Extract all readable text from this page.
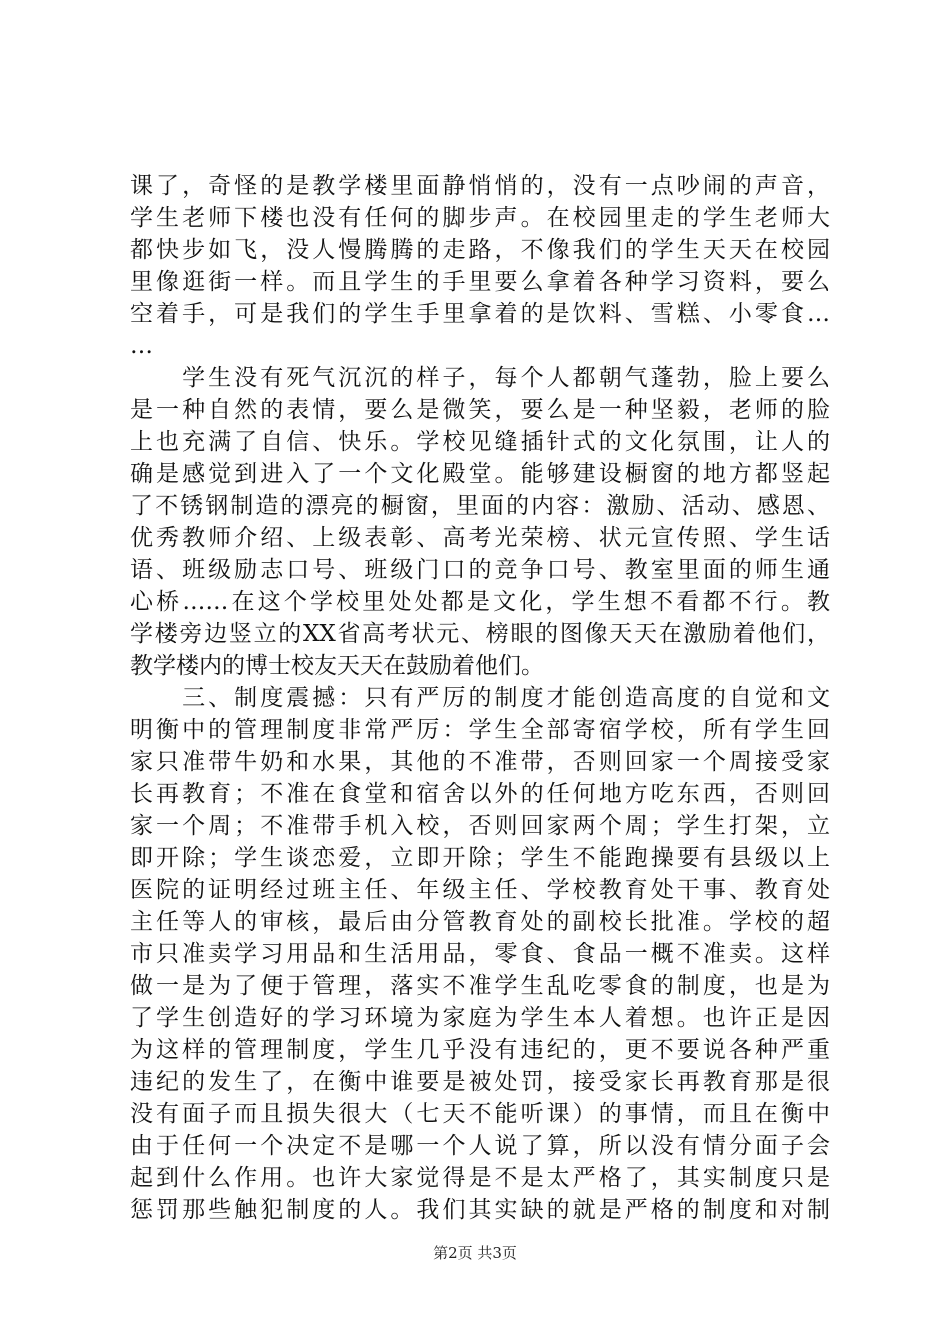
课了，奇怪的是教学楼里面静悄悄的，没有一点吵闹的声音，
学生老师下楼也没有任何的脚步声。在校园里走的学生老师大
都快步如飞，没人慢腾腾的走路，不像我们的学生天天在校园
里像逛街一样。而且学生的手里要么拿着各种学习资料，要么
空着手，可是我们的学生手里拿着的是饮料、雪糕、小零食…
…
　　学生没有死气沉沉的样子，每个人都朝气蓬勃，脸上要么
是一种自然的表情，要么是微笑，要么是一种坚毅，老师的脸
上也充满了自信、快乐。学校见缝插针式的文化氛围，让人的
确是感觉到进入了一个文化殿堂。能够建设橱窗的地方都竖起
了不锈钢制造的漂亮的橱窗，里面的内容：激励、活动、感恩、
优秀教师介绍、上级表彰、高考光荣榜、状元宣传照、学生话
语、班级励志口号、班级门口的竞争口号、教室里面的师生通
心桥……在这个学校里处处都是文化，学生想不看都不行。教
学楼旁边竖立的XX省高考状元、榜眼的图像天天在激励着他们，
教学楼内的博士校友天天在鼓励着他们。
　　三、制度震撼：只有严厉的制度才能创造高度的自觉和文
明衡中的管理制度非常严厉：学生全部寄宿学校，所有学生回
家只准带牛奶和水果，其他的不准带，否则回家一个周接受家
长再教育；不准在食堂和宿舍以外的任何地方吃东西，否则回
家一个周；不准带手机入校，否则回家两个周；学生打架，立
即开除；学生谈恋爱，立即开除；学生不能跑操要有县级以上
医院的证明经过班主任、年级主任、学校教育处干事、教育处
主任等人的审核，最后由分管教育处的副校长批准。学校的超
市只准卖学习用品和生活用品，零食、食品一概不准卖。这样
做一是为了便于管理，落实不准学生乱吃零食的制度，也是为
了学生创造好的学习环境为家庭为学生本人着想。也许正是因
为这样的管理制度，学生几乎没有违纪的，更不要说各种严重
违纪的发生了，在衡中谁要是被处罚，接受家长再教育那是很
没有面子而且损失很大（七天不能听课）的事情，而且在衡中
由于任何一个决定不是哪一个人说了算，所以没有情分面子会
起到什么作用。也许大家觉得是不是太严格了，其实制度只是
惩罚那些触犯制度的人。我们其实缺的就是严格的制度和对制
第2页 共3页
